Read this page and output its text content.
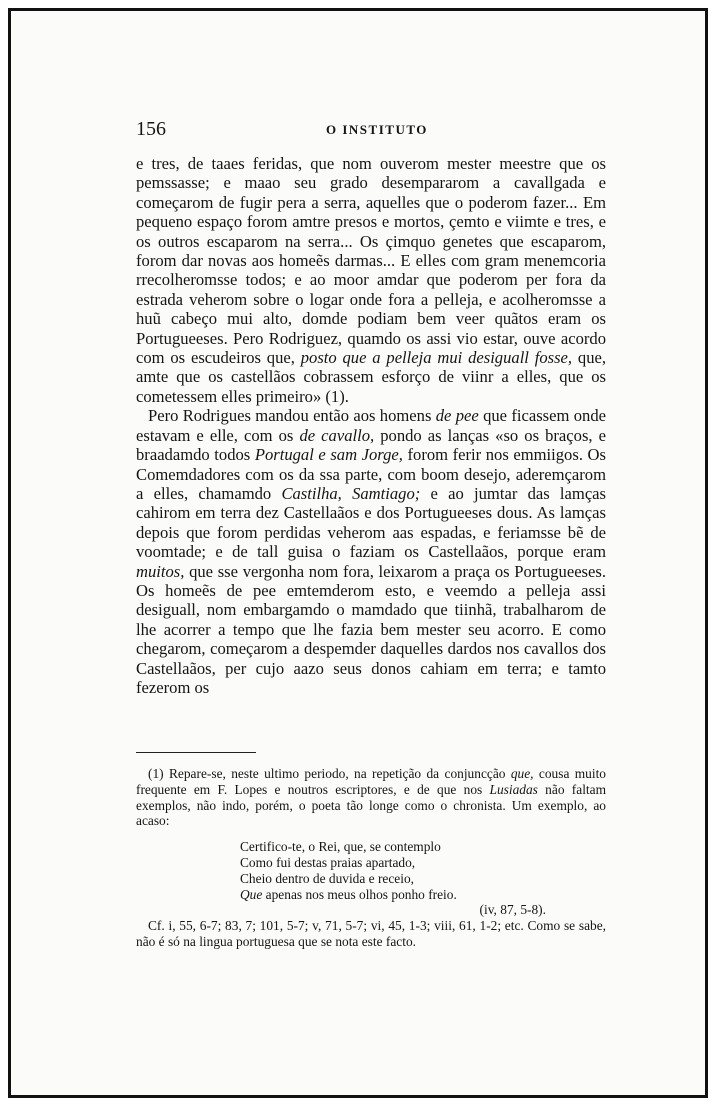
156	O INSTITUTO

e tres, de taaes feridas, que nom ouverom mester meestre que os pemssasse; e maao seu grado desempararom a cavallgada e começarom de fugir pera a serra, aquelles que o poderom fazer... Em pequeno espaço forom amtre presos e mortos, çemto e viimte e tres, e os outros escaparom na serra... Os çimquo genetes que escaparom, forom dar novas aos homeẽs darmas... E elles com gram menemcoria rrecolheromsse todos; e ao moor amdar que poderom per fora da estrada veherom sobre o logar onde fora a pelleja, e acolheromsse a huũ cabeço mui alto, domde podiam bem veer quãtos eram os Portugueeses. Pero Rodriguez, quamdo os assi vio estar, ouve acordo com os escudeiros que, posto que a pelleja mui desiguall fosse, que, amte que os castellãos cobrassem esforço de viinr a elles, que os cometessem elles primeiro» (1).

Pero Rodrigues mandou então aos homens de pee que ficassem onde estavam e elle, com os de cavallo, pondo as lanças «so os braços, e braadamdo todos Portugal e sam Jorge, forom ferir nos emmiigos. Os Comemdadores com os da ssa parte, com boom desejo, aderemçarom a elles, chamamdo Castilha, Samtiago; e ao jumtar das lamças cahirom em terra dez Castellaãos e dos Portugueeses dous. As lamças depois que forom perdidas veherom aas espadas, e feriamsse bẽ de voomtade; e de tall guisa o faziam os Castellaãos, porque eram muitos, que sse vergonha nom fora, leixarom a praça os Portugueeses. Os homeẽs de pee emtemderom esto, e veemdo a pelleja assi desiguall, nom embargamdo o mamdado que tiinhã, trabalharom de lhe acorrer a tempo que lhe fazia bem mester seu acorro. E como chegarom, começarom a despemder daquelles dardos nos cavallos dos Castellaãos, per cujo aazo seus donos cahiam em terra; e tamto fezerom os

(1) Repare-se, neste ultimo periodo, na repetição da conjuncção que, cousa muito frequente em F. Lopes e noutros escriptores, e de que nos Lusiadas não faltam exemplos, não indo, porém, o poeta tão longe como o chronista. Um exemplo, ao acaso:

Certifico-te, o Rei, que, se contemplo
Como fui destas praias apartado,
Cheio dentro de duvida e receio,
Que apenas nos meus olhos ponho freio.

(iv, 87, 5-8).

Cf. i, 55, 6-7; 83, 7; 101, 5-7; v, 71, 5-7; vi, 45, 1-3; viii, 61, 1-2; etc. Como se sabe, não é só na lingua portuguesa que se nota este facto.
